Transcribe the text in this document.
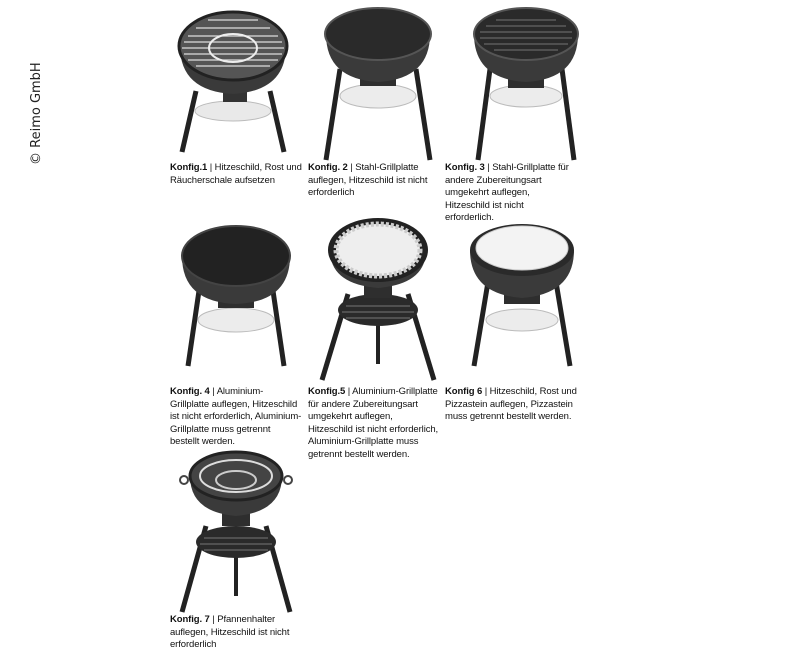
© Reimo GmbH
Konfig.1 | Hitzeschild, Rost und Räucherschale aufsetzen
Konfig. 2 | Stahl-Grillplatte auflegen, Hitzeschild ist nicht erforderlich
Konfig. 3 | Stahl-Grillplatte für andere Zubereitungsart umgekehrt auflegen, Hitzeschild ist nicht erforderlich.
Konfig. 4 | Aluminium-Grillplatte auflegen, Hitzeschild ist nicht erforderlich, Aluminium-Grillplatte muss getrennt bestellt werden.
Konfig.5 | Aluminium-Grillplatte für andere Zubereitungsart umgekehrt auflegen, Hitzeschild ist nicht erforderlich, Aluminium-Grillplatte muss getrennt bestellt werden.
Konfig 6 | Hitzeschild, Rost und Pizzastein auflegen, Pizzastein muss getrennt bestellt werden.
Konfig. 7 | Pfannenhalter auflegen, Hitzeschild ist nicht erforderlich
